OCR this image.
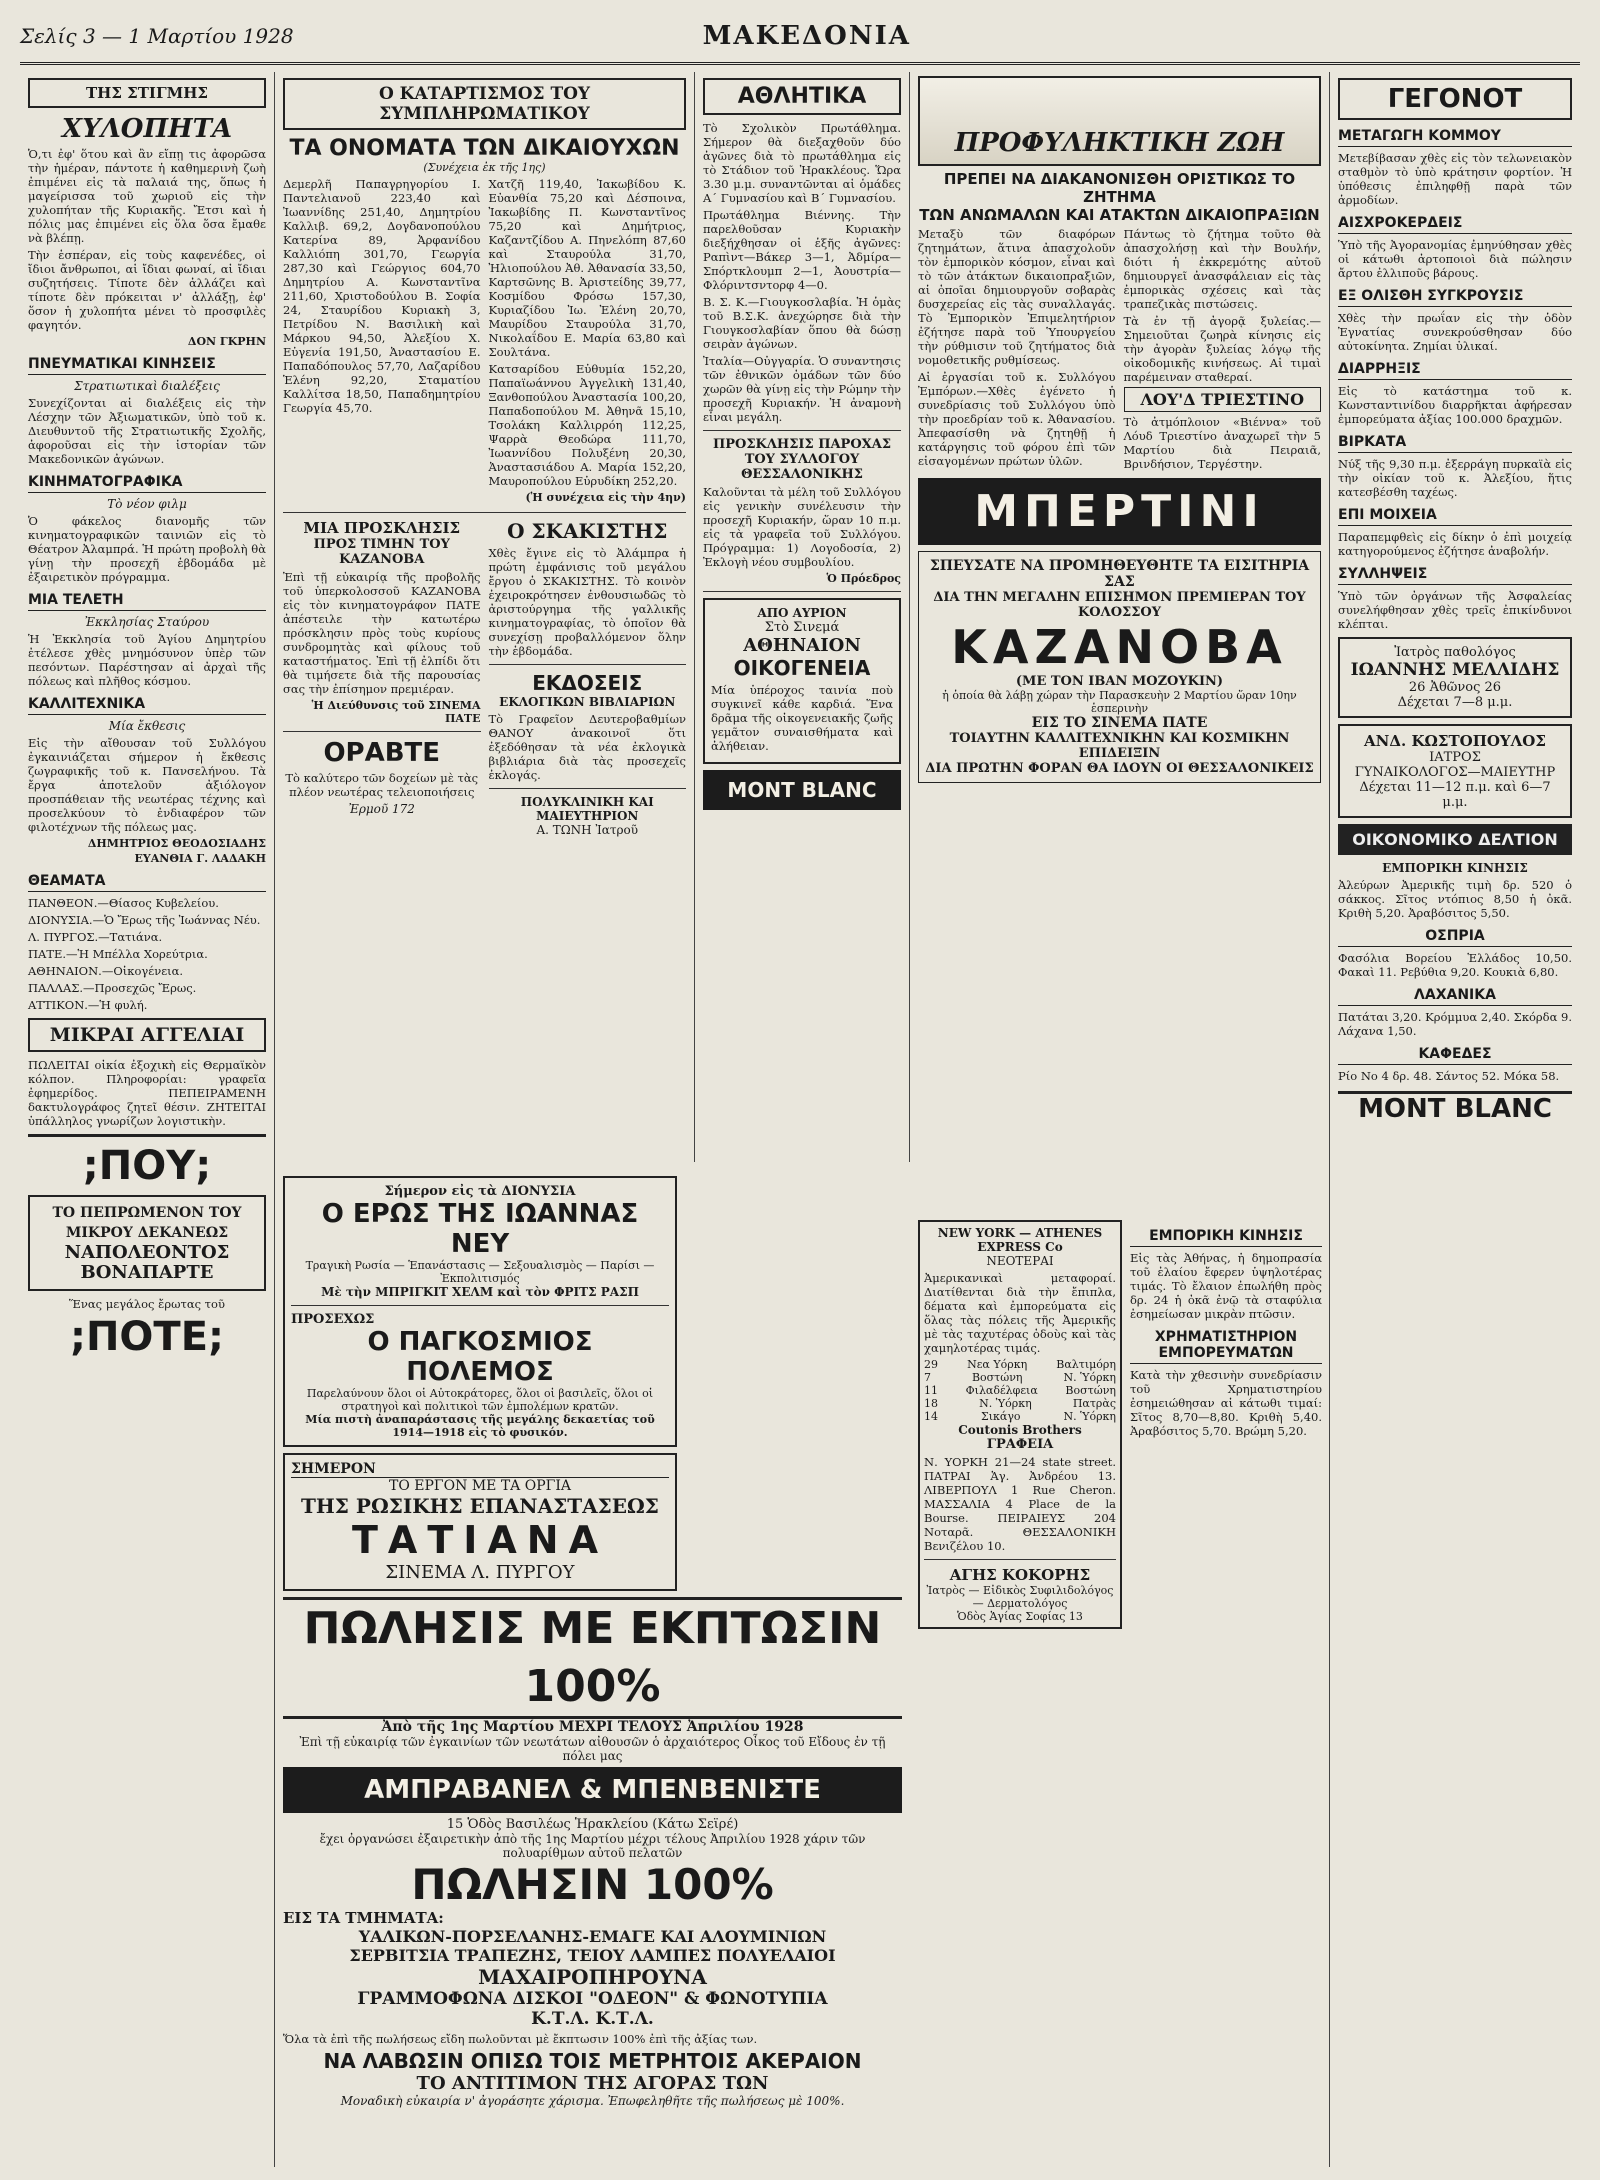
Σελίς 3 — 1 Μαρτίου 1928	ΜΑΚΕΔΟΝΙΑ
ΤΗΣ ΣΤΙΓΜΗΣ
ΧΥΛΟΠΗΤΑ

Ὁ,τι ἐφ' ὅτου καὶ ἂν εἴπῃ τις ἀφορῶσα τὴν ἡμέραν, πάντοτε ἡ καθημερινὴ ζωὴ ἐπιμένει εἰς τὰ παλαιά της, ὅπως ἡ μαγείρισσα τοῦ χωριοῦ εἰς τὴν χυλοπήταν τῆς Κυριακῆς. Ἔτσι καὶ ἡ πόλις μας ἐπιμένει εἰς ὅλα ὅσα ἔμαθε νὰ βλέπῃ.

Τὴν ἑσπέραν, εἰς τοὺς καφενέδες, οἱ ἴδιοι ἄνθρωποι, αἱ ἴδιαι φωναί, αἱ ἴδιαι συζητήσεις. Τίποτε δὲν ἀλλάζει καὶ τίποτε δὲν πρόκειται ν' ἀλλάξῃ, ἐφ' ὅσον ἡ χυλοπήτα μένει τὸ προσφιλὲς φαγητόν.

ΔΟΝ ΓΚΡΗΝ
ΠΝΕΥΜΑΤΙΚΑΙ ΚΙΝΗΣΕΙΣ
Στρατιωτικαὶ διαλέξεις

Συνεχίζονται αἱ διαλέξεις εἰς τὴν Λέσχην τῶν Ἀξιωματικῶν, ὑπὸ τοῦ κ. Διευθυντοῦ τῆς Στρατιωτικῆς Σχολῆς, ἀφοροῦσαι εἰς τὴν ἱστορίαν τῶν Μακεδονικῶν ἀγώνων.

ΚΙΝΗΜΑΤΟΓΡΑΦΙΚΑ
Τὸ νέον φιλμ

Ὁ φάκελος διανομῆς τῶν κινηματογραφικῶν ταινιῶν εἰς τὸ Θέατρον Ἀλαμπρά. Ἡ πρώτη προβολὴ θὰ γίνῃ τὴν προσεχῆ ἑβδομάδα μὲ ἐξαιρετικὸν πρόγραμμα.

ΜΙΑ ΤΕΛΕΤΗ
Ἐκκλησίας Σταύρου

Ἡ Ἐκκλησία τοῦ Ἁγίου Δημητρίου ἐτέλεσε χθὲς μνημόσυνον ὑπὲρ τῶν πεσόντων. Παρέστησαν αἱ ἀρχαὶ τῆς πόλεως καὶ πλῆθος κόσμου.

ΚΑΛΛΙΤΕΧΝΙΚΑ
Μία ἔκθεσις

Εἰς τὴν αἴθουσαν τοῦ Συλλόγου ἐγκαινιάζεται σήμερον ἡ ἔκθεσις ζωγραφικῆς τοῦ κ. Πανσελήνου. Τὰ ἔργα ἀποτελοῦν ἀξιόλογον προσπάθειαν τῆς νεωτέρας τέχνης καὶ προσελκύουν τὸ ἐνδιαφέρον τῶν φιλοτέχνων τῆς πόλεως μας.

ΔΗΜΗΤΡΙΟΣ ΘΕΟΔΟΣΙΑΔΗΣ
ΕΥΑΝΘΙΑ Γ. ΛΑΔΑΚΗ
ΘΕΑΜΑΤΑ
ΠΑΝΘΕΟΝ.—Θίασος Κυβελείου.
ΔΙΟΝΥΣΙΑ.—Ὁ Ἔρως τῆς Ἰωάννας Νέυ.
Λ. ΠΥΡΓΟΣ.—Τατιάνα.
ΠΑΤΕ.—Ἡ Μπέλλα Χορεύτρια.
ΑΘΗΝΑΙΟΝ.—Οἰκογένεια.
ΠΑΛΛΑΣ.—Προσεχῶς Ἔρως.
ΑΤΤΙΚΟΝ.—Ἡ φυλή.
ΜΙΚΡΑΙ ΑΓΓΕΛΙΑΙ

ΠΩΛΕΙΤΑΙ οἰκία ἐξοχικὴ εἰς Θερμαϊκὸν κόλπον. Πληροφορίαι: γραφεῖα ἐφημερίδος. ΠΕΠΕΙΡΑΜΕΝΗ δακτυλογράφος ζητεῖ θέσιν. ΖΗΤΕΙΤΑΙ ὑπάλληλος γνωρίζων λογιστικὴν.

;ΠΟΥ;
ΤΟ ΠΕΠΡΩΜΕΝΟΝ ΤΟΥ
ΜΙΚΡΟΥ ΔΕΚΑΝΕΩΣ
ΝΑΠΟΛΕΟΝΤΟΣ
ΒΟΝΑΠΑΡΤΕ
Ἕνας μεγάλος ἔρωτας τοῦ
;ΠΟΤΕ;
Ο ΚΑΤΑΡΤΙΣΜΟΣ ΤΟΥ ΣΥΜΠΛΗΡΩΜΑΤΙΚΟΥ
ΤΑ ΟΝΟΜΑΤΑ ΤΩΝ ΔΙΚΑΙΟΥΧΩΝ
(Συνέχεια ἐκ τῆς 1ης)

Δεμερλῆ Παπαγρηγορίου Ι. Παντελιανοῦ 223,40 καὶ Ἰωαννίδης 251,40, Δημητρίου Καλλιβ. 69,2, Δογδανοπούλου Κατερίνα 89, Ἀρφανίδου Καλλιόπη 301,70, Γεωργία 287,30 καὶ Γεώργιος 604,70 Δημητρίου Α. Κωνσταντῖνα 211,60, Χριστοδούλου Β. Σοφία 24, Σταυρίδου Κυριακὴ 3, Πετρίδου Ν. Βασιλικὴ καὶ Μάρκου 94,50, Ἀλεξίου Χ. Εὐγενία 191,50, Ἀναστασίου Ε. Παπαδόπουλος 57,70, Λαζαρίδου Ἑλένη 92,20, Σταματίου Καλλίτσα 18,50, Παπαδημητρίου Γεωργία 45,70.

Χατζῆ 119,40, Ἰακωβίδου Κ. Εὐανθία 75,20 καὶ Δέσποινα, Ἰακωβίδης Π. Κωνσταντῖνος 75,20 καὶ Δημήτριος, Καζαντζίδου Α. Πηνελόπη 87,60 καὶ Σταυρούλα 31,70, Ἠλιοπούλου Ἀθ. Ἀθανασία 33,50, Καρτσῶνης Β. Ἀριστείδης 39,77, Κοσμίδου Φρόσω 157,30, Κυριαζίδου Ἰω. Ἑλένη 20,70, Μαυρίδου Σταυρούλα 31,70, Νικολαΐδου Ε. Μαρία 63,80 καὶ Σουλτάνα.

Κατσαρίδου Εὐθυμία 152,20, Παπαϊωάννου Ἀγγελικὴ 131,40, Ξανθοπούλου Ἀναστασία 100,20, Παπαδοπούλου Μ. Ἀθηνᾶ 15,10, Τσολάκη Καλλιρρόη 112,25, Ψαρρὰ Θεοδώρα 111,70, Ἰωαννίδου Πολυξένη 20,30, Ἀναστασιάδου Α. Μαρία 152,20, Μαυροπούλου Εὐρυδίκη 252,20.

(Ἡ συνέχεια εἰς τὴν 4ην)
ΜΙΑ ΠΡΟΣΚΛΗΣΙΣ
ΠΡΟΣ ΤΙΜΗΝ ΤΟΥ ΚΑΖΑΝΟΒΑ

Ἐπὶ τῇ εὐκαιρίᾳ τῆς προβολῆς τοῦ ὑπερκολοσσοῦ ΚΑΖΑΝΟΒΑ εἰς τὸν κινηματογράφον ΠΑΤΕ ἀπέστειλε τὴν κατωτέρω πρόσκλησιν πρὸς τοὺς κυρίους συνδρομητὰς καὶ φίλους τοῦ καταστήματος. Ἐπὶ τῇ ἐλπίδι ὅτι θὰ τιμήσετε διὰ τῆς παρουσίας σας τὴν ἐπίσημον πρεμιέραν.

Ἡ Διεύθυνσις τοῦ ΣΙΝΕΜΑ ΠΑΤΕ
ΟΡΑΒΤΕ

Τὸ καλύτερο τῶν δοχείων μὲ τὰς πλέον νεωτέρας τελειοποιήσεις

Ἐρμοῦ 172
Ο ΣΚΑΚΙΣΤΗΣ

Χθὲς ἔγινε εἰς τὸ Ἀλάμπρα ἡ πρώτη ἐμφάνισις τοῦ μεγάλου ἔργου ὁ ΣΚΑΚΙΣΤΗΣ. Τὸ κοινὸν ἐχειροκρότησεν ἐνθουσιωδῶς τὸ ἀριστούργημα τῆς γαλλικῆς κινηματογραφίας, τὸ ὁποῖον θὰ συνεχίσῃ προβαλλόμενον ὅλην τὴν ἑβδομάδα.

ΕΚΔΟΣΕΙΣ
ΕΚΛΟΓΙΚΩΝ ΒΙΒΛΙΑΡΙΩΝ

Τὸ Γραφεῖον Δευτεροβαθμίων ΘΑΝΟΥ ἀνακοινοῖ ὅτι ἐξεδόθησαν τὰ νέα ἐκλογικὰ βιβλιάρια διὰ τὰς προσεχεῖς ἐκλογάς.

ΠΟΛΥΚΛΙΝΙΚΗ ΚΑΙ ΜΑΙΕΥΤΗΡΙΟΝ
Α. ΤΩΝΗ Ἰατροῦ
ΑΘΛΗΤΙΚΑ

Τὸ Σχολικὸν Πρωτάθλημα. Σήμερον θὰ διεξαχθοῦν δύο ἀγῶνες διὰ τὸ πρωτάθλημα εἰς τὸ Στάδιον τοῦ Ἡρακλέους. Ὥρα 3.30 μ.μ. συναντῶνται αἱ ὁμάδες Α΄ Γυμνασίου καὶ Β΄ Γυμνασίου.

Πρωτάθλημα Βιέννης. Τὴν παρελθοῦσαν Κυριακὴν διεξήχθησαν οἱ ἑξῆς ἀγῶνες: Ραπὶντ—Βάκερ 3—1, Ἀδμίρα—Σπόρτκλουμπ 2—1, Ἀουστρία—Φλόριντσντορφ 4—0.

Β. Σ. Κ.—Γιουγκοσλαβία. Ἡ ὁμὰς τοῦ Β.Σ.Κ. ἀνεχώρησε διὰ τὴν Γιουγκοσλαβίαν ὅπου θὰ δώσῃ σειρὰν ἀγώνων.

Ἰταλία—Οὐγγαρία. Ὁ συναντησις τῶν ἐθνικῶν ὁμάδων τῶν δύο χωρῶν θὰ γίνῃ εἰς τὴν Ρώμην τὴν προσεχῆ Κυριακήν. Ἡ ἀναμονὴ εἶναι μεγάλη.

ΠΡΟΣΚΛΗΣΙΣ ΠΑΡΟΧΑΣ ΤΟΥ ΣΥΛΛΟΓΟΥ ΘΕΣΣΑΛΟΝΙΚΗΣ

Καλοῦνται τὰ μέλη τοῦ Συλλόγου εἰς γενικὴν συνέλευσιν τὴν προσεχῆ Κυριακήν, ὥραν 10 π.μ. εἰς τὰ γραφεῖα τοῦ Συλλόγου. Πρόγραμμα: 1) Λογοδοσία, 2) Ἐκλογὴ νέου συμβουλίου.

Ὁ Πρόεδρος
ΑΠΟ ΑΥΡΙΟΝ
Στὸ Σινεμά
ΑΘΗΝΑΙΟΝ
ΟΙΚΟΓΕΝΕΙΑ

Μία ὑπέροχος ταινία ποὺ συγκινεῖ κάθε καρδιά. Ἕνα δρᾶμα τῆς οἰκογενειακῆς ζωῆς γεμᾶτον συναισθήματα καὶ ἀλήθειαν.

MONT BLANC
ΠΡΟΦΥΛΗΚΤΙΚΗ ΖΩΗ
ΠΡΕΠΕΙ ΝΑ ΔΙΑΚΑΝΟΝΙΣΘΗ ΟΡΙΣΤΙΚΩΣ ΤΟ ΖΗΤΗΜΑ
ΤΩΝ ΑΝΩΜΑΛΩΝ ΚΑΙ ΑΤΑΚΤΩΝ ΔΙΚΑΙΟΠΡΑΞΙΩΝ

Μεταξὺ τῶν διαφόρων ζητημάτων, ἅτινα ἀπασχολοῦν τὸν ἐμπορικὸν κόσμον, εἶναι καὶ τὸ τῶν ἀτάκτων δικαιοπραξιῶν, αἱ ὁποῖαι δημιουργοῦν σοβαρὰς δυσχερείας εἰς τὰς συναλλαγάς. Τὸ Ἐμπορικὸν Ἐπιμελητήριον ἐζήτησε παρὰ τοῦ Ὑπουργείου τὴν ρύθμισιν τοῦ ζητήματος διὰ νομοθετικῆς ρυθμίσεως.

Αἱ ἐργασίαι τοῦ κ. Συλλόγου Ἐμπόρων.—Χθὲς ἐγένετο ἡ συνεδρίασις τοῦ Συλλόγου ὑπὸ τὴν προεδρίαν τοῦ κ. Ἀθανασίου. Ἀπεφασίσθη νὰ ζητηθῇ ἡ κατάργησις τοῦ φόρου ἐπὶ τῶν εἰσαγομένων πρώτων ὑλῶν.

Πάντως τὸ ζήτημα τοῦτο θὰ ἀπασχολήσῃ καὶ τὴν Βουλήν, διότι ἡ ἐκκρεμότης αὐτοῦ δημιουργεῖ ἀνασφάλειαν εἰς τὰς ἐμπορικὰς σχέσεις καὶ τὰς τραπεζικὰς πιστώσεις.

Τὰ ἐν τῇ ἀγορᾷ ξυλείας.—Σημειοῦται ζωηρὰ κίνησις εἰς τὴν ἀγορὰν ξυλείας λόγῳ τῆς οἰκοδομικῆς κινήσεως. Αἱ τιμαὶ παρέμειναν σταθεραί.

ΛΟΥ'Δ ΤΡΙΕΣΤΙΝΟ

Τὸ ἀτμόπλοιον «Βιέννα» τοῦ Λόυδ Τριεστίνο ἀναχωρεῖ τὴν 5 Μαρτίου διὰ Πειραιᾶ, Βρινδήσιον, Τεργέστην.

ΜΠΕΡΤΙΝΙ
ΣΠΕΥΣΑΤΕ ΝΑ ΠΡΟΜΗΘΕΥΘΗΤΕ ΤΑ ΕΙΣΙΤΗΡΙΑ ΣΑΣ
ΔΙΑ ΤΗΝ ΜΕΓΑΛΗΝ ΕΠΙΣΗΜΟΝ ΠΡΕΜΙΕΡΑΝ ΤΟΥ ΚΟΛΟΣΣΟΥ
ΚΑΖΑΝΟΒΑ
(ΜΕ ΤΟΝ ΙΒΑΝ ΜΟΖΟΥΚΙΝ)
ἡ ὁποία θὰ λάβῃ χώραν τὴν Παρασκευὴν 2 Μαρτίου ὥραν 10ην ἑσπερινὴν
ΕΙΣ ΤΟ ΣΙΝΕΜΑ ΠΑΤΕ
ΤΟΙΑΥΤΗΝ ΚΑΛΛΙΤΕΧΝΙΚΗΝ ΚΑΙ ΚΟΣΜΙΚΗΝ ΕΠΙΔΕΙΞΙΝ
ΔΙΑ ΠΡΩΤΗΝ ΦΟΡΑΝ ΘΑ ΙΔΟΥΝ ΟΙ ΘΕΣΣΑΛΟΝΙΚΕΙΣ
ΓΕΓΟΝΟΤ
ΜΕΤΑΓΩΓΗ ΚΟΜΜΟΥ

Μετεβίβασαν χθὲς εἰς τὸν τελωνειακὸν σταθμὸν τὸ ὑπὸ κράτησιν φορτίον. Ἡ ὑπόθεσις ἐπιληφθῇ παρὰ τῶν ἁρμοδίων.

ΑΙΣΧΡΟΚΕΡΔΕΙΣ

Ὑπὸ τῆς Ἀγορανομίας ἐμηνύθησαν χθὲς οἱ κάτωθι ἀρτοποιοὶ διὰ πώλησιν ἄρτου ἐλλιποῦς βάρους.

ΕΞ ΟΛΙΣΘΗ ΣΥΓΚΡΟΥΣΙΣ

Χθὲς τὴν πρωΐαν εἰς τὴν ὁδὸν Ἐγνατίας συνεκρούσθησαν δύο αὐτοκίνητα. Ζημίαι ὑλικαί.

ΔΙΑΡΡΗΞΙΣ

Εἰς τὸ κατάστημα τοῦ κ. Κωνσταντινίδου διαρρῆκται ἀφήρεσαν ἐμπορεύματα ἀξίας 100.000 δραχμῶν.

ΒΙΡΚΑΤΑ

Νύξ τῆς 9,30 π.μ. ἐξερράγη πυρκαϊὰ εἰς τὴν οἰκίαν τοῦ κ. Ἀλεξίου, ἥτις κατεσβέσθη ταχέως.

ΕΠΙ ΜΟΙΧΕΙΑ

Παραπεμφθεὶς εἰς δίκην ὁ ἐπὶ μοιχείᾳ κατηγορούμενος ἐζήτησε ἀναβολήν.

ΣΥΛΛΗΨΕΙΣ

Ὑπὸ τῶν ὀργάνων τῆς Ἀσφαλείας συνελήφθησαν χθὲς τρεῖς ἐπικίνδυνοι κλέπται.

Ἰατρὸς παθολόγος
ΙΩΑΝΝΗΣ ΜΕΛΛΙΔΗΣ
26 Ἀθῶνος 26
Δέχεται 7—8 μ.μ.
ΑΝΔ. ΚΩΣΤΟΠΟΥΛΟΣ
ΙΑΤΡΟΣ
ΓΥΝΑΙΚΟΛΟΓΟΣ—ΜΑΙΕΥΤΗΡ
Δέχεται 11—12 π.μ. καὶ 6—7 μ.μ.
ΟΙΚΟΝΟΜΙΚΟ ΔΕΛΤΙΟΝ
ΕΜΠΟΡΙΚΗ ΚΙΝΗΣΙΣ

Ἀλεύρων Ἀμερικῆς τιμὴ δρ. 520 ὁ σάκκος. Σῖτος ντόπιος 8,50 ἡ ὀκᾶ. Κριθὴ 5,20. Ἀραβόσιτος 5,50.

ΟΣΠΡΙΑ

Φασόλια Βορείου Ἑλλάδος 10,50. Φακαὶ 11. Ρεβύθια 9,20. Κουκιὰ 6,80.

ΛΑΧΑΝΙΚΑ

Πατάται 3,20. Κρόμμυα 2,40. Σκόρδα 9. Λάχανα 1,50.

ΚΑΦΕΔΕΣ

Ρίο Νο 4 δρ. 48. Σάντος 52. Μόκα 58.

MONT BLANC
Σήμερον εἰς τὰ ΔΙΟΝΥΣΙΑ
Ο ΕΡΩΣ ΤΗΣ ΙΩΑΝΝΑΣ ΝΕΥ
Τραγικὴ Ρωσία — Ἑπανάστασις — Σεξουαλισμὸς — Παρίσι — Ἐκπολιτισμός
Μὲ τὴν ΜΠΡΙΓΚΙΤ ΧΕΛΜ καὶ τὸν ΦΡΙΤΣ ΡΑΣΠ
ΠΡΟΣΕΧΩΣ
Ο ΠΑΓΚΟΣΜΙΟΣ ΠΟΛΕΜΟΣ
Παρελαύνουν ὅλοι οἱ Αὐτοκράτορες, ὅλοι οἱ βασιλεῖς, ὅλοι οἱ στρατηγοὶ καὶ πολιτικοὶ τῶν ἐμπολέμων κρατῶν.
Μία πιστὴ ἀναπαράστασις τῆς μεγάλης δεκαετίας τοῦ 1914—1918 εἰς τὸ φυσικόν.
ΣΗΜΕΡΟΝ
ΤΟ ΕΡΓΟΝ ΜΕ ΤΑ ΟΡΓΙΑ
ΤΗΣ ΡΩΣΙΚΗΣ ΕΠΑΝΑΣΤΑΣΕΩΣ
ΤΑΤΙΑΝΑ
ΣΙΝΕΜΑ Λ. ΠΥΡΓΟΥ
ΠΩΛΗΣΙΣ ΜΕ ΕΚΠΤΩΣΙΝ 100%
Ἀπὸ τῆς 1ης Μαρτίου ΜΕΧΡΙ ΤΕΛΟΥΣ Ἀπριλίου 1928
Ἐπὶ τῇ εὐκαιρίᾳ τῶν ἐγκαινίων τῶν νεωτάτων αἰθουσῶν ὁ ἀρχαιότερος Οἶκος τοῦ Εἴδους ἐν τῇ πόλει μας
ΑΜΠΡΑΒΑΝΕΛ & ΜΠΕΝΒΕΝΙΣΤΕ
15 Ὁδὸς Βασιλέως Ἡρακλείου (Κάτω Σεϊρέ)
ἔχει ὀργανώσει ἐξαιρετικὴν ἀπὸ τῆς 1ης Μαρτίου μέχρι τέλους Ἀπριλίου 1928 χάριν τῶν πολυαρίθμων αὐτοῦ πελατῶν
ΠΩΛΗΣΙΝ 100%
ΕΙΣ ΤΑ ΤΜΗΜΑΤΑ:
ΥΑΛΙΚΩΝ-ΠΟΡΣΕΛΑΝΗΣ-ΕΜΑΓΕ ΚΑΙ ΑΛΟΥΜΙΝΙΩΝ
ΣΕΡΒΙΤΣΙΑ ΤΡΑΠΕΖΗΣ, ΤΕΙΟΥ ΛΑΜΠΕΣ ΠΟΛΥΕΛΑΙΟΙ
ΜΑΧΑΙΡΟΠΗΡΟΥΝΑ
ΓΡΑΜΜΟΦΩΝΑ ΔΙΣΚΟΙ "ΟΔΕΟΝ" & ΦΩΝΟΤΥΠΙΑ
Κ.Τ.Λ. Κ.Τ.Λ.
Ὅλα τὰ ἐπὶ τῆς πωλήσεως εἴδη πωλοῦνται μὲ ἔκπτωσιν 100% ἐπὶ τῆς ἀξίας των.
ΝΑ ΛΑΒΩΣΙΝ ΟΠΙΣΩ ΤΟΙΣ ΜΕΤΡΗΤΟΙΣ ΑΚΕΡΑΙΟΝ
ΤΟ ΑΝΤΙΤΙΜΟΝ ΤΗΣ ΑΓΟΡΑΣ ΤΩΝ
Μοναδικὴ εὐκαιρία ν' ἀγοράσητε χάρισμα. Ἐπωφεληθῆτε τῆς πωλήσεως μὲ 100%.
NEW YORK — ATHENES EXPRESS Co
ΝΕΟΤΕΡΑΙ

Ἀμερικανικαὶ μεταφοραί. Διατίθενται διὰ τὴν ἔπιπλα, δέματα καὶ ἐμπορεύματα εἰς ὅλας τὰς πόλεις τῆς Ἀμερικῆς μὲ τὰς ταχυτέρας ὁδοὺς καὶ τὰς χαμηλοτέρας τιμάς.

29	Νεα Υόρκη	Βαλτιμόρη
7	Βοστώνη	Ν. Ὑόρκη
11	Φιλαδέλφεια	Βοστώνη
18	Ν. Ὑόρκη	Πατρὰς
14	Σικάγο	Ν. Ὑόρκη
Coutonis Brothers
ΓΡΑΦΕΙΑ

Ν. ΥΟΡΚΗ 21—24 state street. ΠΑΤΡΑΙ Ἁγ. Ἀνδρέου 13. ΛΙΒΕΡΠΟΥΛ 1 Rue Cheron. ΜΑΣΣΑΛΙΑ 4 Place de la Bourse. ΠΕΙΡΑΙΕΥΣ 204 Νοταρᾶ. ΘΕΣΣΑΛΟΝΙΚΗ Βενιζέλου 10.

ΑΓΗΣ ΚΟΚΟΡΗΣ
Ἰατρὸς — Εἰδικὸς Συφιλιδολόγος — Δερματολόγος
Ὁδὸς Ἁγίας Σοφίας 13
ΕΜΠΟΡΙΚΗ ΚΙΝΗΣΙΣ

Εἰς τὰς Ἀθήνας, ἡ δημοπρασία τοῦ ἐλαίου ἔφερεν ὑψηλοτέρας τιμάς. Τὸ ἔλαιον ἐπωλήθη πρὸς δρ. 24 ἡ ὀκᾶ ἐνῷ τὰ σταφύλια ἐσημείωσαν μικρὰν πτῶσιν.

ΧΡΗΜΑΤΙΣΤΗΡΙΟΝ ΕΜΠΟΡΕΥΜΑΤΩΝ

Κατὰ τὴν χθεσινὴν συνεδρίασιν τοῦ Χρηματιστηρίου ἐσημειώθησαν αἱ κάτωθι τιμαί: Σῖτος 8,70—8,80. Κριθὴ 5,40. Ἀραβόσιτος 5,70. Βρώμη 5,20.
